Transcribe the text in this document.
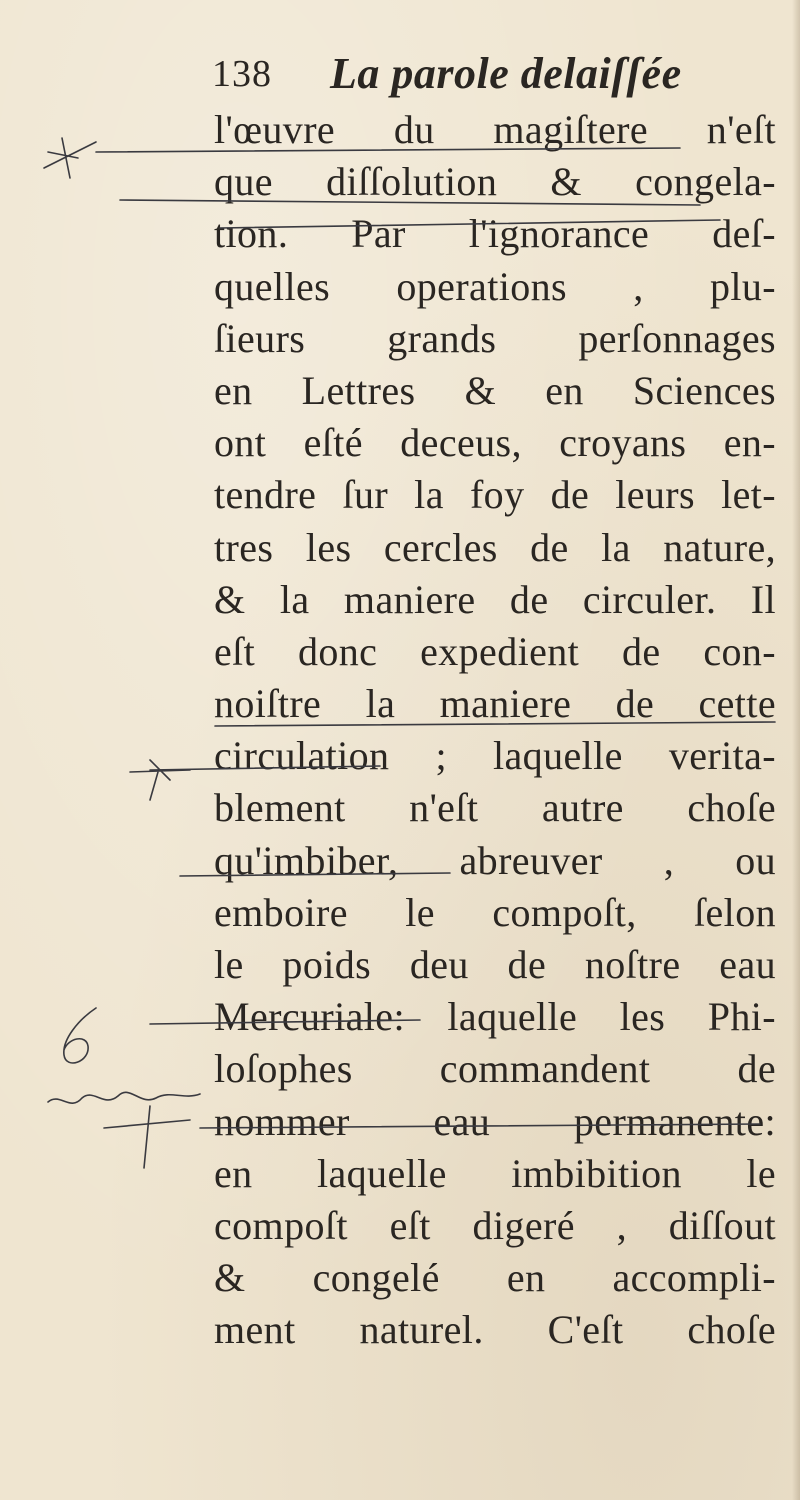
138 La parole delaiſſée
l'œuvre du magiſtere n'eſt
que diſſolution & congela-
tion. Par l'ignorance deſ-
quelles operations , plu-
ſieurs grands perſonnages
en Lettres & en Sciences
ont eſté deceus, croyans en-
tendre ſur la foy de leurs let-
tres les cercles de la nature,
& la maniere de circuler. Il
eſt donc expedient de con-
noiſtre la maniere de cette
circulation ; laquelle verita-
blement n'eſt autre choſe
qu'imbiber, abreuver , ou
emboire le compoſt, ſelon
le poids deu de noſtre eau
Mercuriale: laquelle les Phi-
loſophes commandent de
nommer eau permanente:
en laquelle imbibition le
compoſt eſt digeré , diſſout
& congelé en accompli-
ment naturel. C'eſt choſe
